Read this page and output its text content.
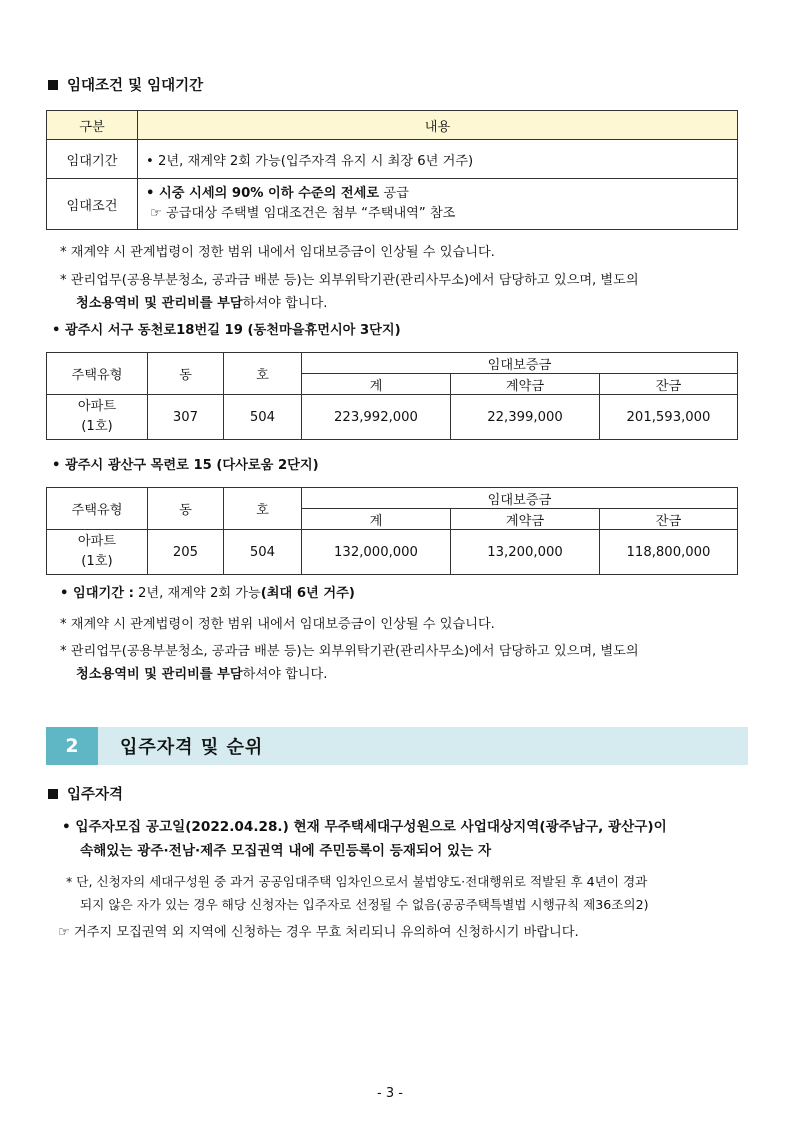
임대조건 및 임대기간
구분	내용
임대기간	• 2년, 재계약 2회 가능(입주자격 유지 시 최장 6년 거주)
임대조건	• 시중 시세의 90% 이하 수준의 전세로 공급
☞ 공급대상 주택별 임대조건은 첨부 “주택내역” 참조
* 재계약 시 관계법령이 정한 범위 내에서 임대보증금이 인상될 수 있습니다.
* 관리업무(공용부분청소, 공과금 배분 등)는 외부위탁기관(관리사무소)에서 담당하고 있으며, 별도의
청소용역비 및 관리비를 부담하셔야 합니다.
• 광주시 서구 동천로18번길 19 (동천마을휴먼시아 3단지)
주택유형	동	호	임대보증금		
			계	계약금	잔금

아파트
(1호)	307	504	223,992,000	22,399,000	201,593,000
• 광주시 광산구 목련로 15 (다사로움 2단지)
주택유형	동	호	임대보증금		
			계	계약금	잔금

아파트
(1호)	205	504	132,000,000	13,200,000	118,800,000
• 임대기간 : 2년, 재계약 2회 가능(최대 6년 거주)
* 재계약 시 관계법령이 정한 범위 내에서 임대보증금이 인상될 수 있습니다.
* 관리업무(공용부분청소, 공과금 배분 등)는 외부위탁기관(관리사무소)에서 담당하고 있으며, 별도의
청소용역비 및 관리비를 부담하셔야 합니다.
2	입주자격 및 순위
입주자격
• 입주자모집 공고일(2022.04.28.) 현재 무주택세대구성원으로 사업대상지역(광주남구, 광산구)이
속해있는 광주·전남·제주 모집권역 내에 주민등록이 등재되어 있는 자
* 단, 신청자의 세대구성원 중 과거 공공임대주택 임차인으로서 불법양도·전대행위로 적발된 후 4년이 경과
되지 않은 자가 있는 경우 해당 신청자는 입주자로 선정될 수 없음(공공주택특별법 시행규칙 제36조의2)
☞ 거주지 모집권역 외 지역에 신청하는 경우 무효 처리되니 유의하여 신청하시기 바랍니다.
- 3 -
